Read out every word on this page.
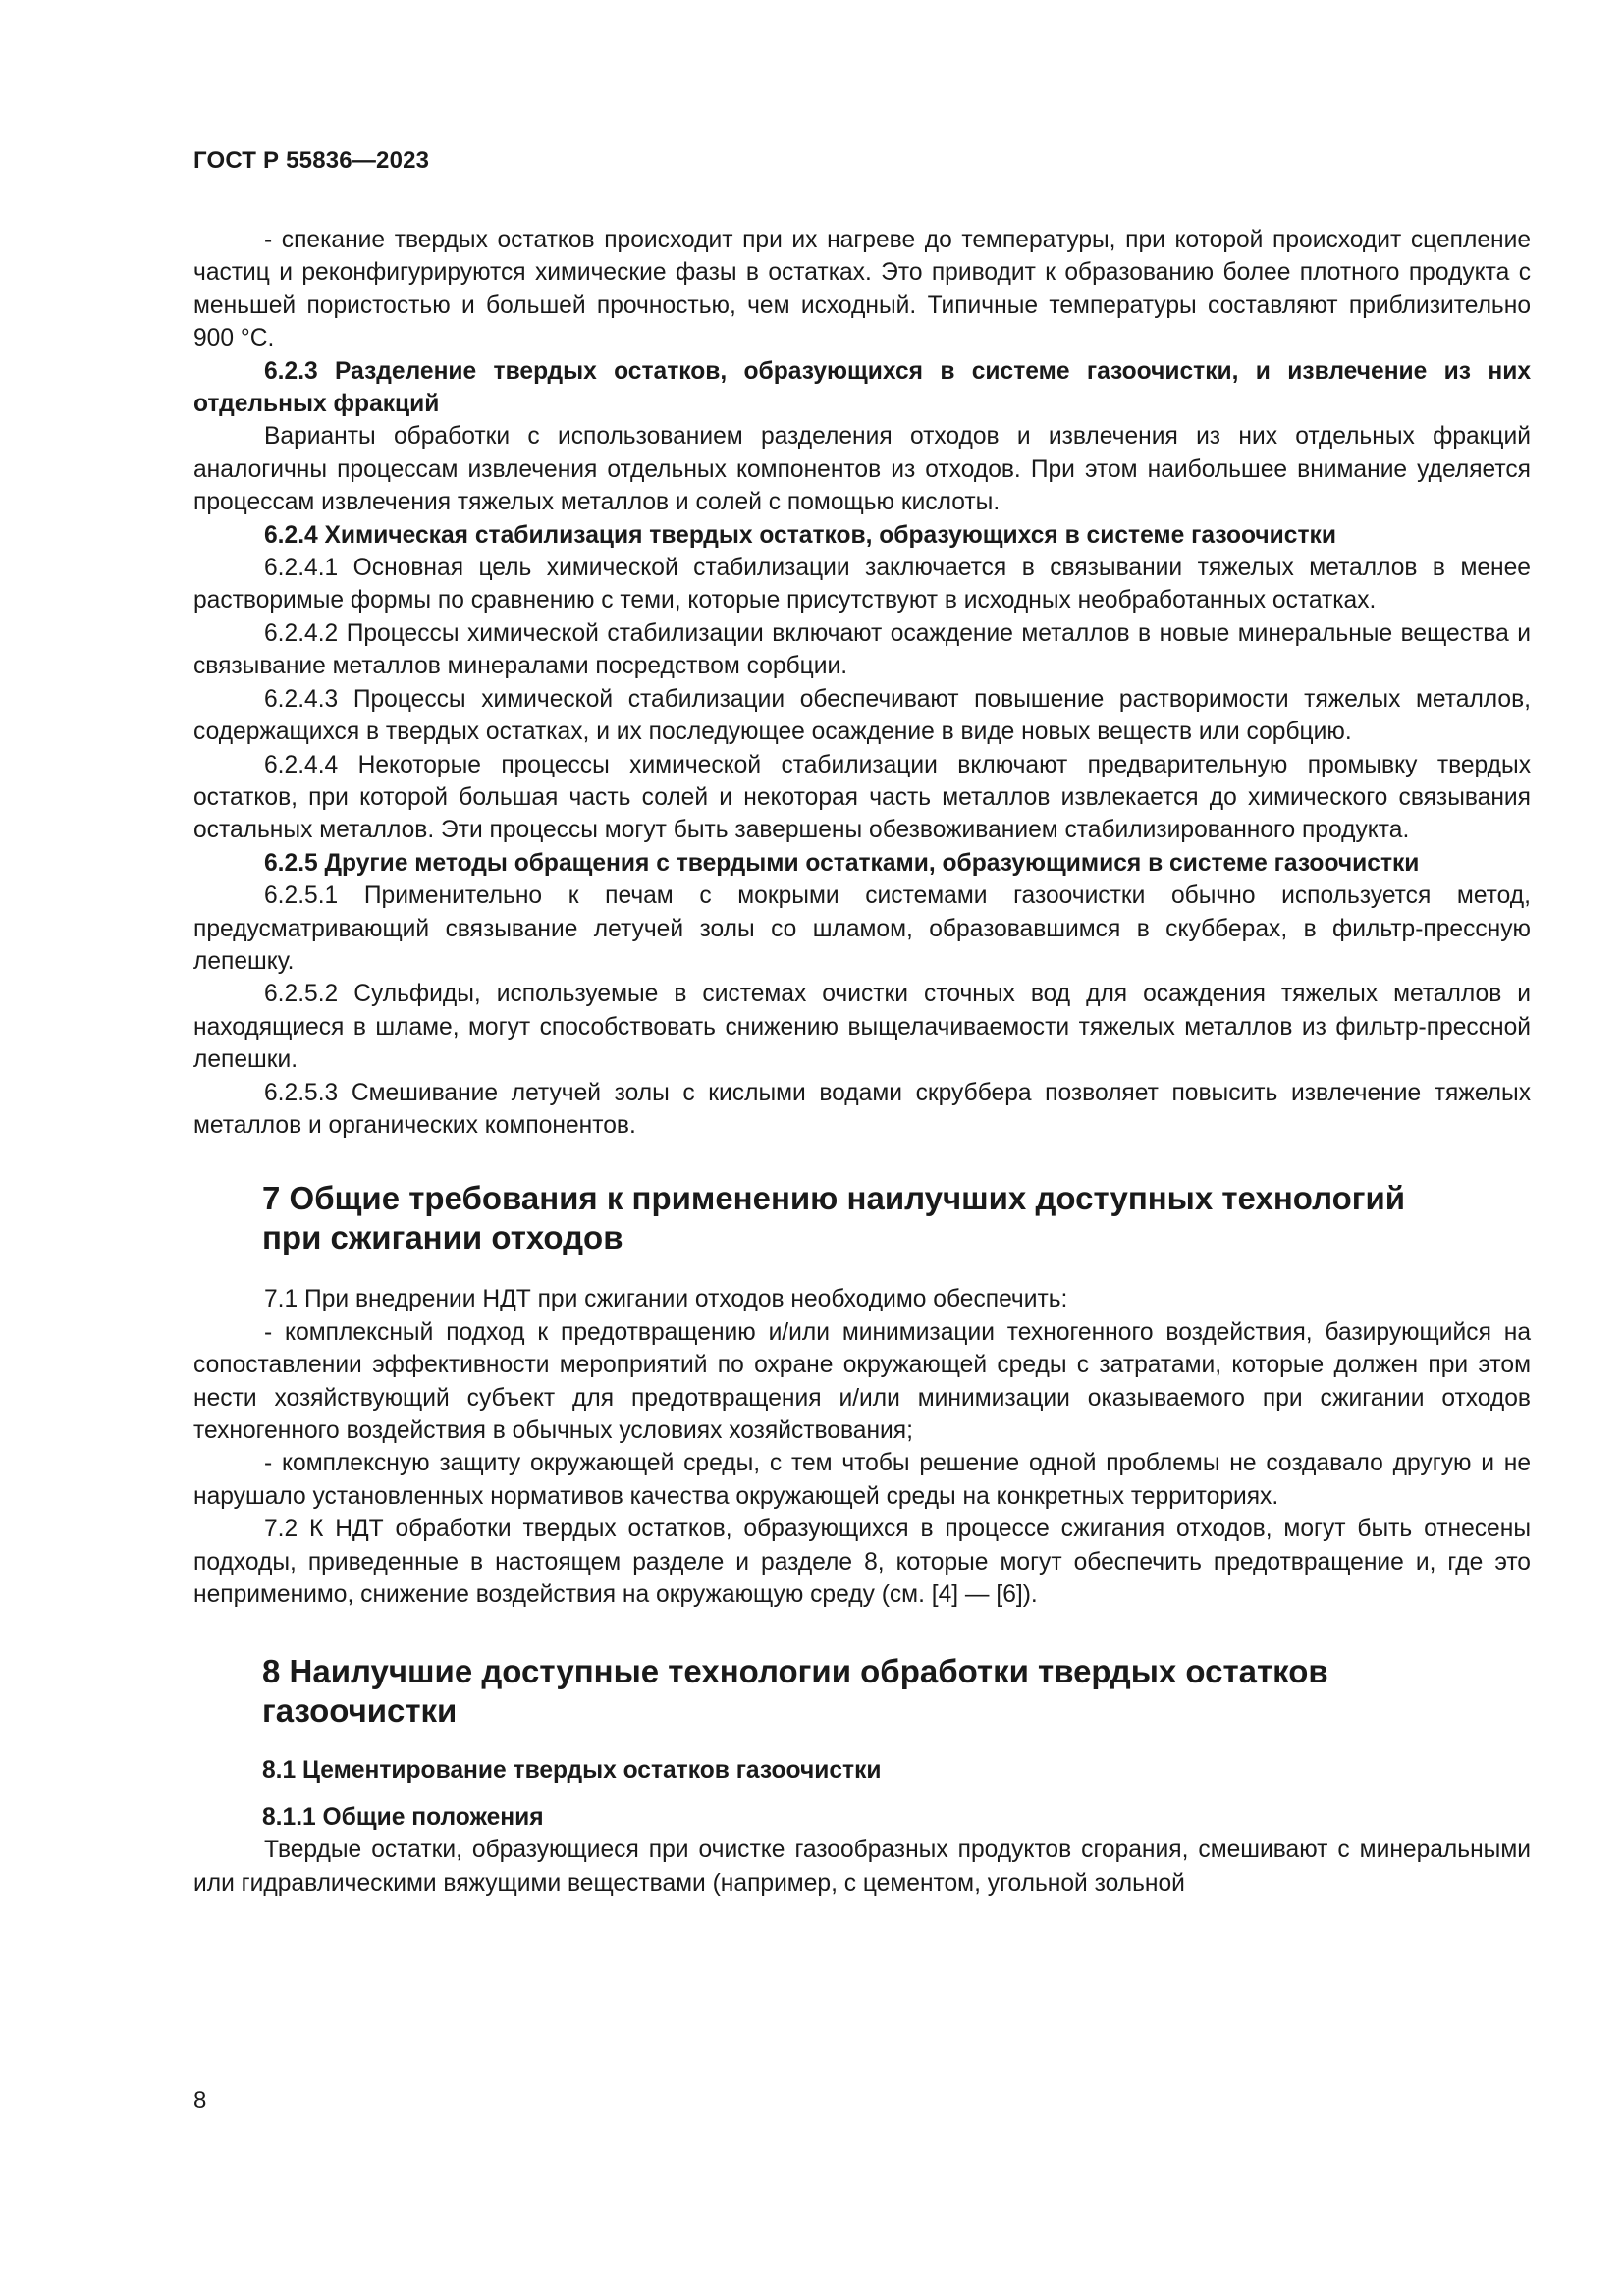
ГОСТ Р 55836—2023

- спекание твердых остатков происходит при их нагреве до температуры, при которой происходит сцепление частиц и реконфигурируются химические фазы в остатках. Это приводит к образованию более плотного продукта с меньшей пористостью и большей прочностью, чем исходный. Типичные температуры составляют приблизительно 900 °С.

6.2.3 Разделение твердых остатков, образующихся в системе газоочистки, и извлечение из них отдельных фракций

Варианты обработки с использованием разделения отходов и извлечения из них отдельных фракций аналогичны процессам извлечения отдельных компонентов из отходов. При этом наибольшее внимание уделяется процессам извлечения тяжелых металлов и солей с помощью кислоты.

6.2.4 Химическая стабилизация твердых остатков, образующихся в системе газоочистки

6.2.4.1 Основная цель химической стабилизации заключается в связывании тяжелых металлов в менее растворимые формы по сравнению с теми, которые присутствуют в исходных необработанных остатках.

6.2.4.2 Процессы химической стабилизации включают осаждение металлов в новые минеральные вещества и связывание металлов минералами посредством сорбции.

6.2.4.3 Процессы химической стабилизации обеспечивают повышение растворимости тяжелых металлов, содержащихся в твердых остатках, и их последующее осаждение в виде новых веществ или сорбцию.

6.2.4.4 Некоторые процессы химической стабилизации включают предварительную промывку твердых остатков, при которой большая часть солей и некоторая часть металлов извлекается до химического связывания остальных металлов. Эти процессы могут быть завершены обезвоживанием стабилизированного продукта.

6.2.5 Другие методы обращения с твердыми остатками, образующимися в системе газоочистки

6.2.5.1 Применительно к печам с мокрыми системами газоочистки обычно используется метод, предусматривающий связывание летучей золы со шламом, образовавшимся в скубберах, в фильтр-прессную лепешку.

6.2.5.2 Сульфиды, используемые в системах очистки сточных вод для осаждения тяжелых металлов и находящиеся в шламе, могут способствовать снижению выщелачиваемости тяжелых металлов из фильтр-прессной лепешки.

6.2.5.3 Смешивание летучей золы с кислыми водами скруббера позволяет повысить извлечение тяжелых металлов и органических компонентов.

7 Общие требования к применению наилучших доступных технологий
при сжигании отходов

7.1 При внедрении НДТ при сжигании отходов необходимо обеспечить:

- комплексный подход к предотвращению и/или минимизации техногенного воздействия, базирующийся на сопоставлении эффективности мероприятий по охране окружающей среды с затратами, которые должен при этом нести хозяйствующий субъект для предотвращения и/или минимизации оказываемого при сжигании отходов техногенного воздействия в обычных условиях хозяйствования;

- комплексную защиту окружающей среды, с тем чтобы решение одной проблемы не создавало другую и не нарушало установленных нормативов качества окружающей среды на конкретных территориях.

7.2 К НДТ обработки твердых остатков, образующихся в процессе сжигания отходов, могут быть отнесены подходы, приведенные в настоящем разделе и разделе 8, которые могут обеспечить предотвращение и, где это неприменимо, снижение воздействия на окружающую среду (см. [4] — [6]).

8 Наилучшие доступные технологии обработки твердых остатков
газоочистки
8.1 Цементирование твердых остатков газоочистки
8.1.1 Общие положения

Твердые остатки, образующиеся при очистке газообразных продуктов сгорания, смешивают с минеральными или гидравлическими вяжущими веществами (например, с цементом, угольной зольной

8
